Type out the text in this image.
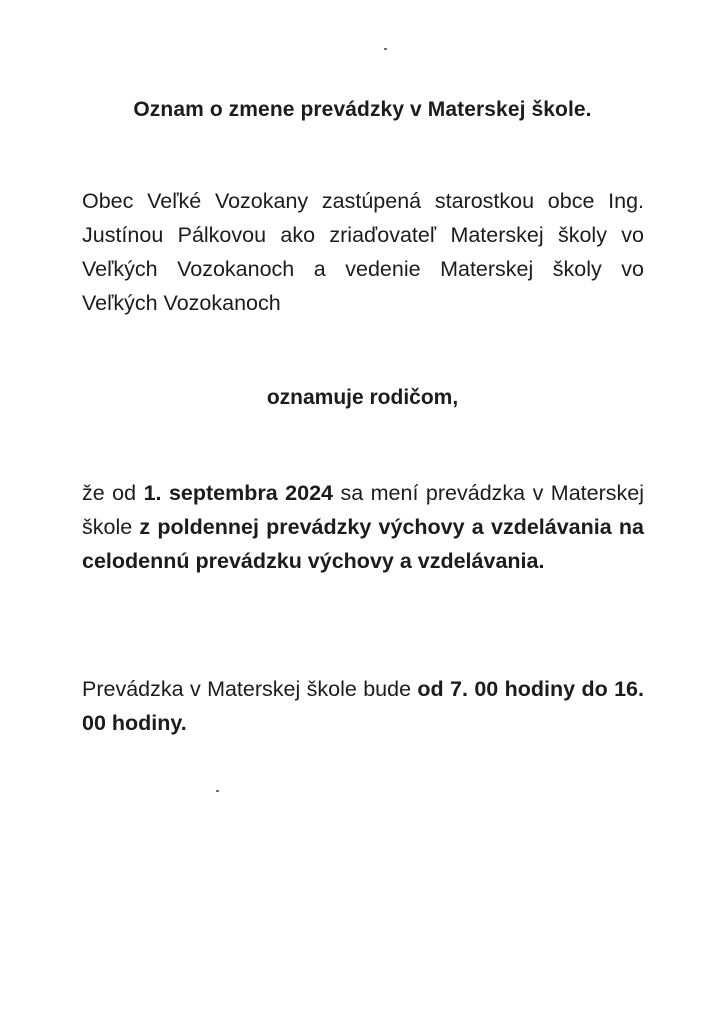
Oznam o zmene prevádzky v Materskej škole.
Obec Veľké Vozokany zastúpená starostkou obce Ing. Justínou Pálkovou ako zriaďovateľ Materskej školy vo Veľkých Vozokanoch a vedenie Materskej školy vo Veľkých Vozokanoch
oznamuje rodičom,
že od 1. septembra 2024 sa mení prevádzka v Materskej škole z poldennej prevádzky výchovy a vzdelávania na celodennú prevádzku výchovy a vzdelávania.
Prevádzka v Materskej škole bude od 7. 00 hodiny do 16. 00 hodiny.
